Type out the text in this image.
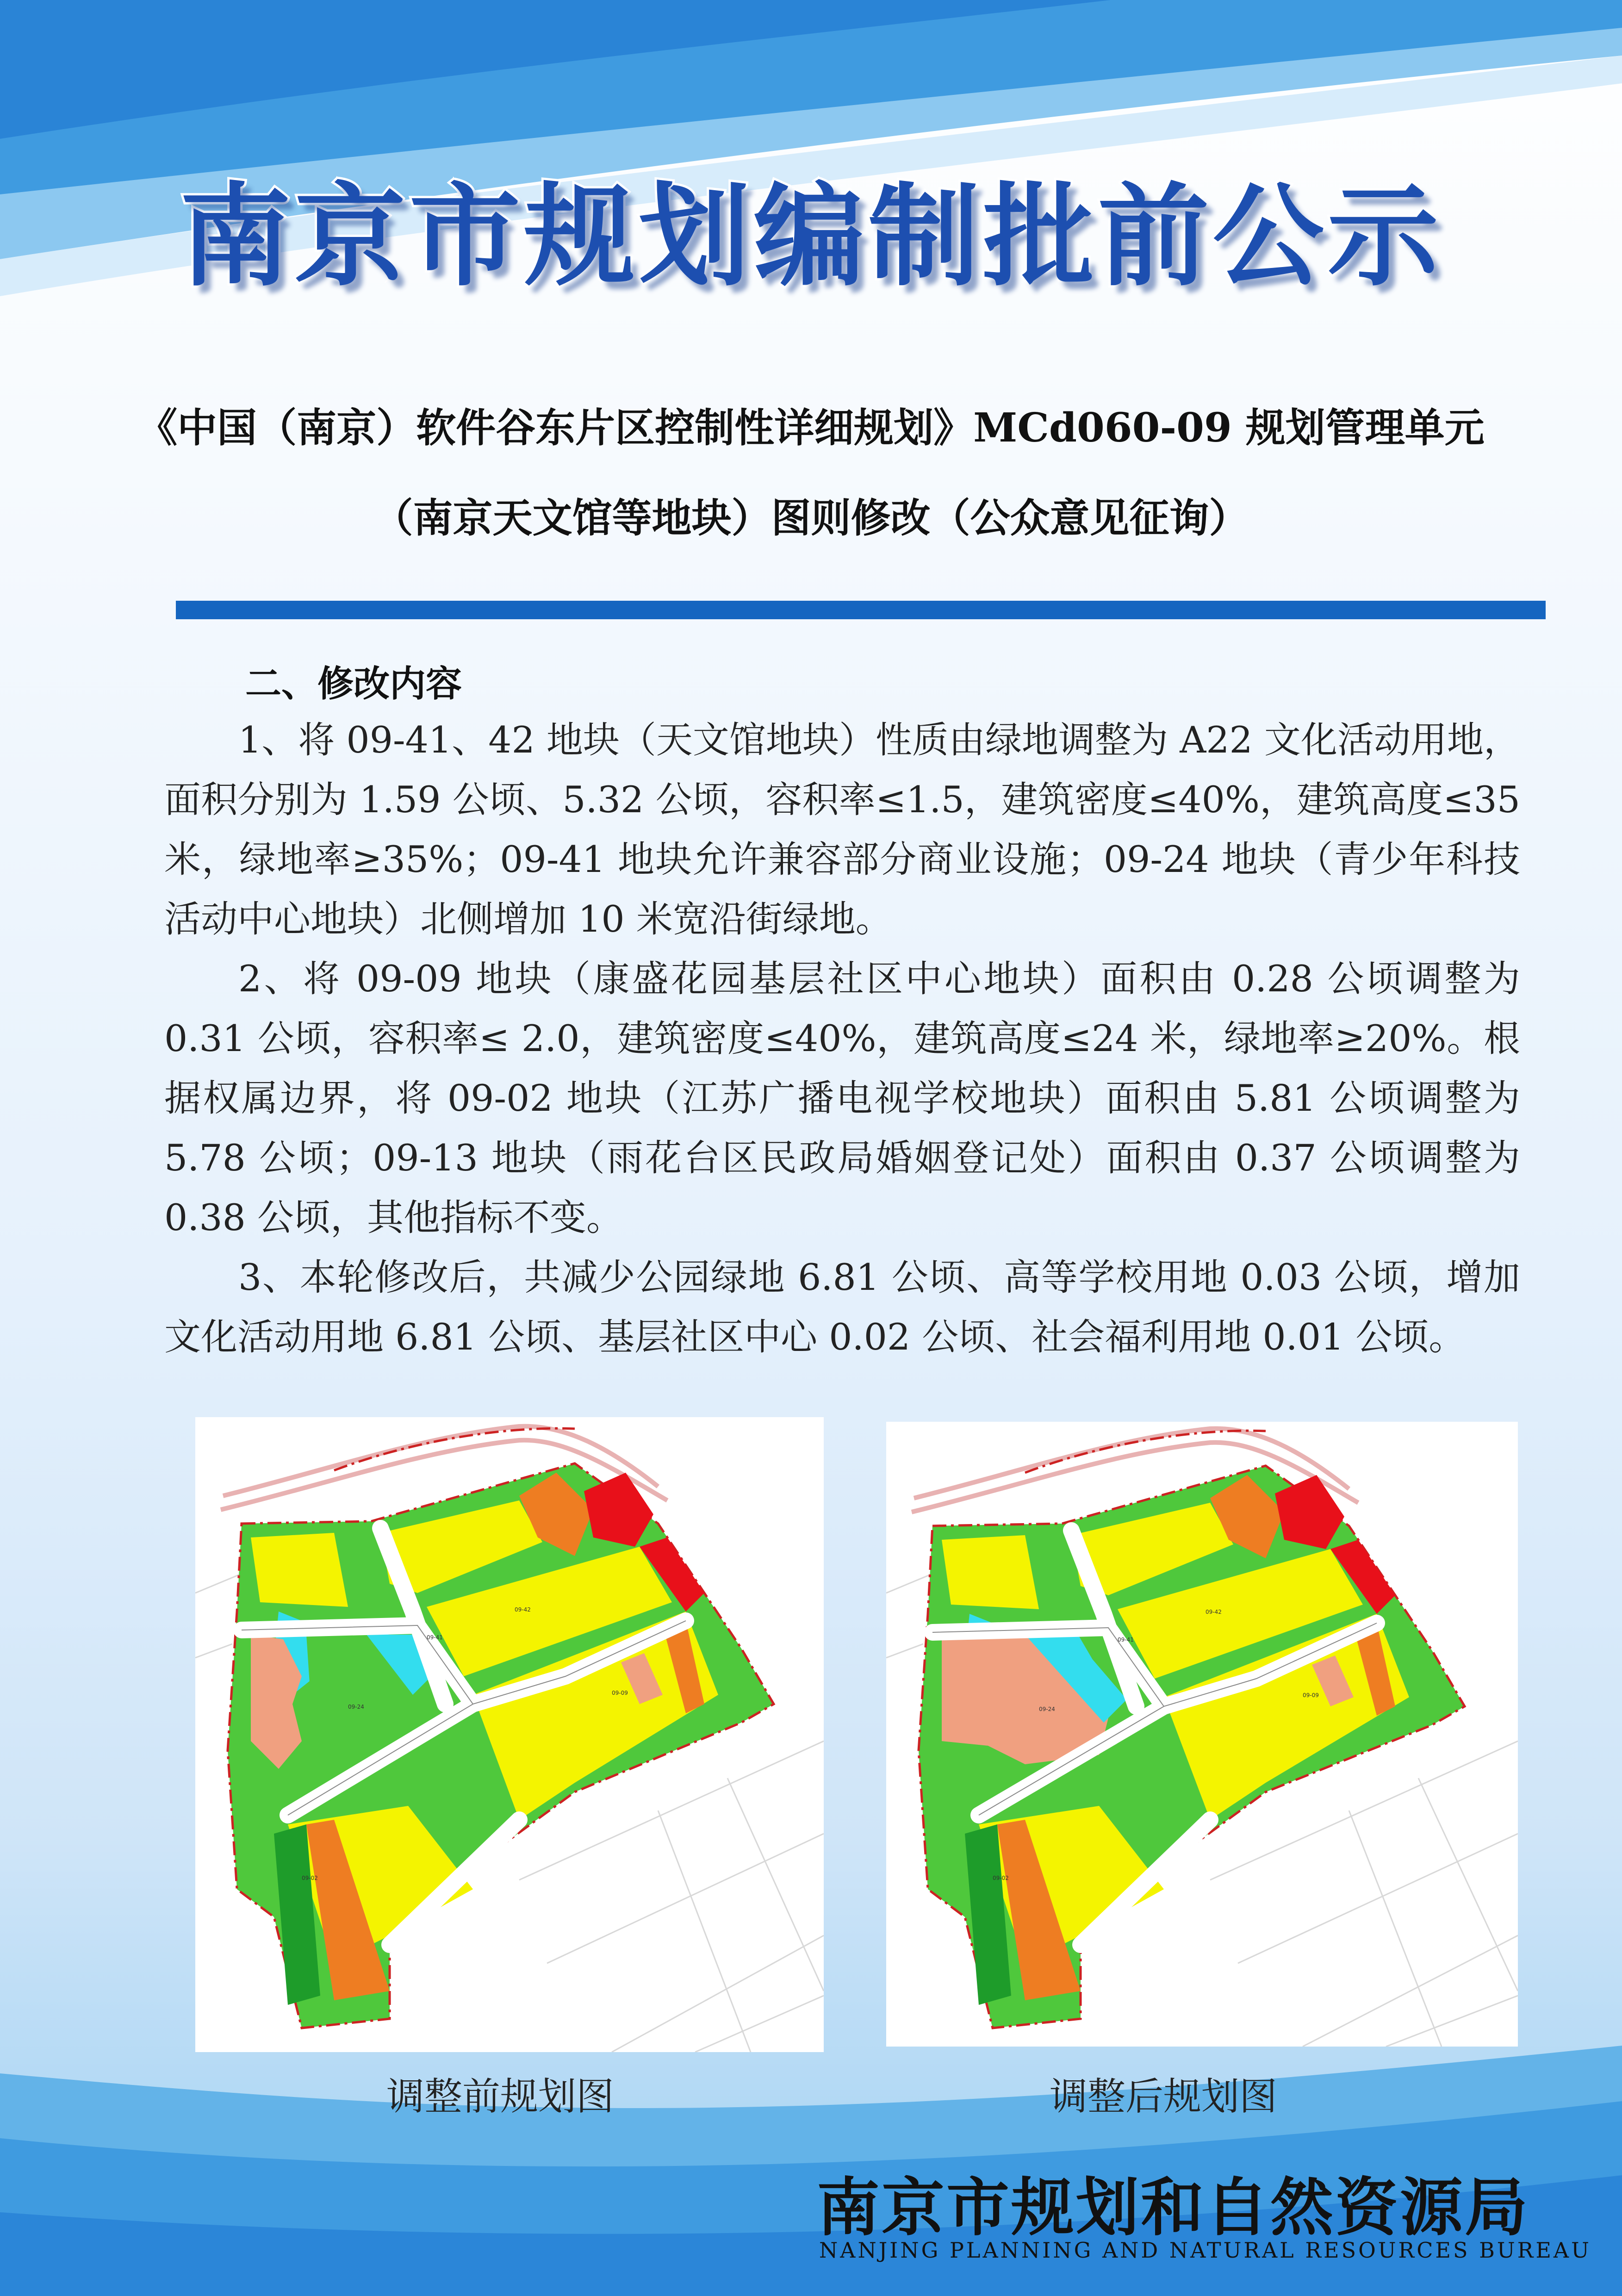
南京市规划编制批前公示
《中国（南京）软件谷东片区控制性详细规划》MCd060-09 规划管理单元
（南京天文馆等地块）图则修改（公众意见征询）
二、修改内容

1、将 09-41、42 地块（天文馆地块）性质由绿地调整为 A22 文化活动用地，面积分别为 1.59 公顷、5.32 公顷，容积率≤1.5，建筑密度≤40%，建筑高度≤35 米，绿地率≥35%；09-41 地块允许兼容部分商业设施；09-24 地块（青少年科技活动中心地块）北侧增加 10 米宽沿街绿地。

2、将 09-09 地块（康盛花园基层社区中心地块）面积由 0.28 公顷调整为 0.31 公顷，容积率≤ 2.0，建筑密度≤40%，建筑高度≤24 米，绿地率≥20%。根据权属边界，将 09-02 地块（江苏广播电视学校地块）面积由 5.81 公顷调整为 5.78 公顷；09-13 地块（雨花台区民政局婚姻登记处）面积由 0.37 公顷调整为 0.38 公顷，其他指标不变。

3、本轮修改后，共减少公园绿地 6.81 公顷、高等学校用地 0.03 公顷，增加文化活动用地 6.81 公顷、基层社区中心 0.02 公顷、社会福利用地 0.01 公顷。

09-41
09-42
09-24
09-02
09-09
09-41
09-42
09-24
09-02
09-09
调整前规划图	调整后规划图
南京市规划和自然资源局
NANJING PLANNING AND NATURAL RESOURCES BUREAU
